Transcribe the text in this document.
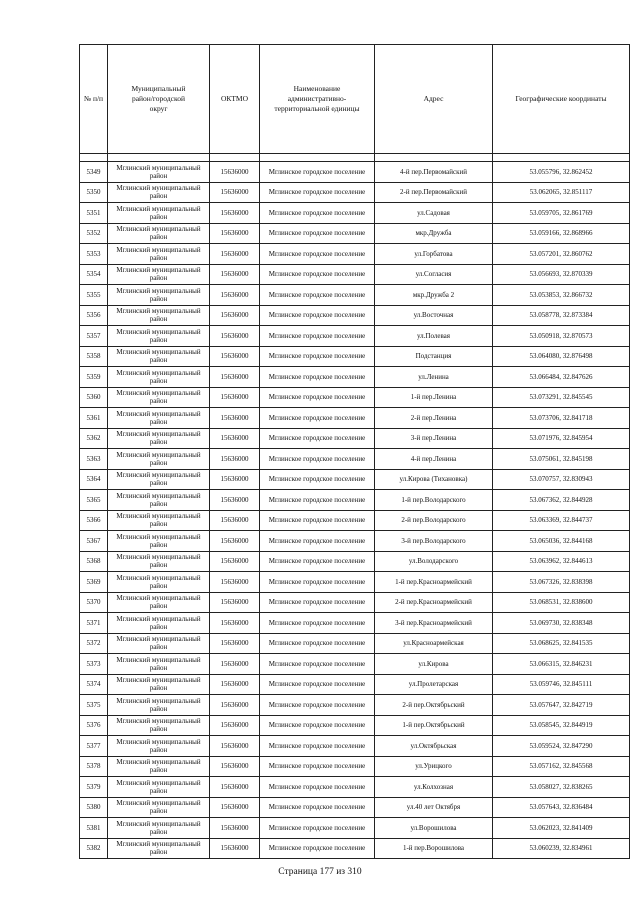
№ п/п	Муниципальный район/городской округ	ОКТМО	Наименование административно-территориальной единицы	Адрес	Географические координаты

5349	Мглинский муниципальный район	15636000	Мглинское городское поселение	4-й пер.Первомайский	53.055796, 32.862452
5350	Мглинский муниципальный район	15636000	Мглинское городское поселение	2-й пер.Первомайский	53.062065, 32.851117
5351	Мглинский муниципальный район	15636000	Мглинское городское поселение	ул.Садовая	53.059705, 32.861769
5352	Мглинский муниципальный район	15636000	Мглинское городское поселение	мкр.Дружба	53.059166, 32.868966
5353	Мглинский муниципальный район	15636000	Мглинское городское поселение	ул.Горбатова	53.057201, 32.860762
5354	Мглинский муниципальный район	15636000	Мглинское городское поселение	ул.Согласия	53.056693, 32.870339
5355	Мглинский муниципальный район	15636000	Мглинское городское поселение	мкр.Дружба 2	53.053853, 32.866732
5356	Мглинский муниципальный район	15636000	Мглинское городское поселение	ул.Восточная	53.058778, 32.873384
5357	Мглинский муниципальный район	15636000	Мглинское городское поселение	ул.Полевая	53.050918, 32.870573
5358	Мглинский муниципальный район	15636000	Мглинское городское поселение	Подстанция	53.064080, 32.876498
5359	Мглинский муниципальный район	15636000	Мглинское городское поселение	ул.Ленина	53.066484, 32.847626
5360	Мглинский муниципальный район	15636000	Мглинское городское поселение	1-й пер.Ленина	53.073291, 32.845545
5361	Мглинский муниципальный район	15636000	Мглинское городское поселение	2-й пер.Ленина	53.073706, 32.841718
5362	Мглинский муниципальный район	15636000	Мглинское городское поселение	3-й пер.Ленина	53.071976, 32.845954
5363	Мглинский муниципальный район	15636000	Мглинское городское поселение	4-й пер.Ленина	53.075061, 32.845198
5364	Мглинский муниципальный район	15636000	Мглинское городское поселение	ул.Кирова (Тихановка)	53.070757, 32.830943
5365	Мглинский муниципальный район	15636000	Мглинское городское поселение	1-й пер.Володарского	53.067362, 32.844928
5366	Мглинский муниципальный район	15636000	Мглинское городское поселение	2-й пер.Володарского	53.063369, 32.844737
5367	Мглинский муниципальный район	15636000	Мглинское городское поселение	3-й пер.Володарского	53.065036, 32.844168
5368	Мглинский муниципальный район	15636000	Мглинское городское поселение	ул.Володарского	53.063962, 32.844613
5369	Мглинский муниципальный район	15636000	Мглинское городское поселение	1-й пер.Красноармейский	53.067326, 32.838398
5370	Мглинский муниципальный район	15636000	Мглинское городское поселение	2-й пер.Красноармейский	53.068531, 32.838600
5371	Мглинский муниципальный район	15636000	Мглинское городское поселение	3-й пер.Красноармейский	53.069730, 32.838348
5372	Мглинский муниципальный район	15636000	Мглинское городское поселение	ул.Красноармейская	53.068625, 32.841535
5373	Мглинский муниципальный район	15636000	Мглинское городское поселение	ул.Кирова	53.066315, 32.846231
5374	Мглинский муниципальный район	15636000	Мглинское городское поселение	ул.Пролетарская	53.059746, 32.845111
5375	Мглинский муниципальный район	15636000	Мглинское городское поселение	2-й пер.Октябрьский	53.057647, 32.842719
5376	Мглинский муниципальный район	15636000	Мглинское городское поселение	1-й пер.Октябрьский	53.058545, 32.844919
5377	Мглинский муниципальный район	15636000	Мглинское городское поселение	ул.Октябрьская	53.059524, 32.847290
5378	Мглинский муниципальный район	15636000	Мглинское городское поселение	ул.Урицкого	53.057162, 32.845568
5379	Мглинский муниципальный район	15636000	Мглинское городское поселение	ул.Колхозная	53.058027, 32.838265
5380	Мглинский муниципальный район	15636000	Мглинское городское поселение	ул.40 лет Октября	53.057643, 32.836484
5381	Мглинский муниципальный район	15636000	Мглинское городское поселение	ул.Ворошилова	53.062023, 32.841409
5382	Мглинский муниципальный район	15636000	Мглинское городское поселение	1-й пер.Ворошилова	53.060239, 32.834961
Страница 177 из 310
